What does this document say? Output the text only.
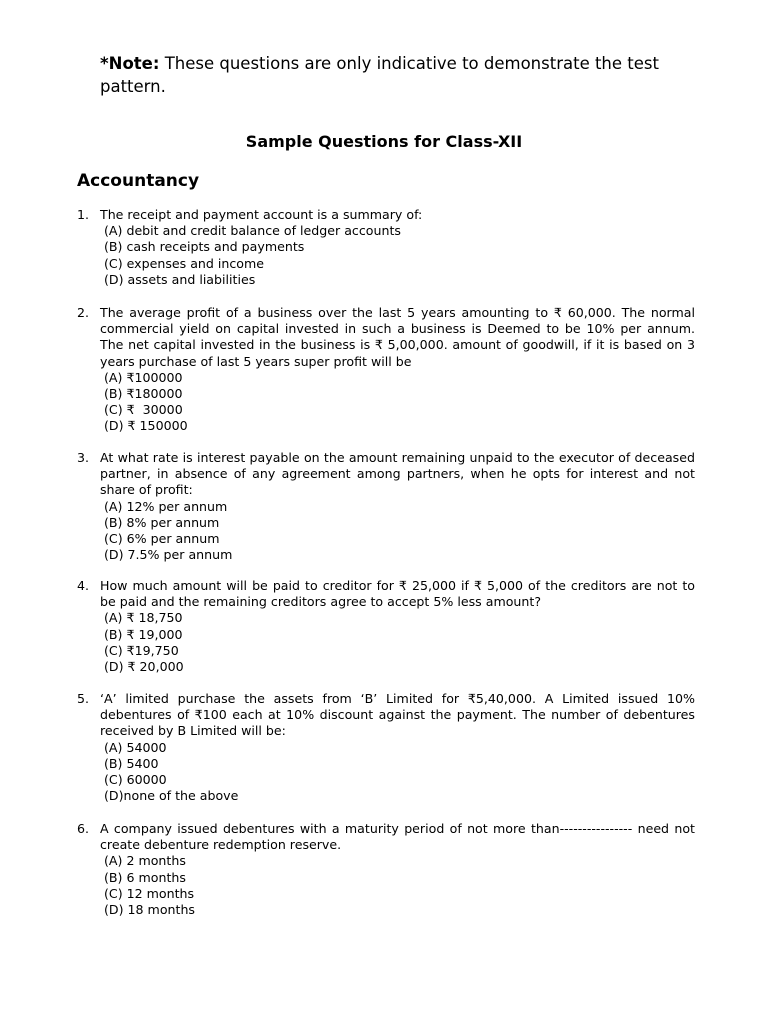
*Note: These questions are only indicative to demonstrate the test pattern.
Sample Questions for Class-XII
Accountancy
1. The receipt and payment account is a summary of:
(A) debit and credit balance of ledger accounts
(B) cash receipts and payments
(C) expenses and income
(D) assets and liabilities
2. The average profit of a business over the last 5 years amounting to ₹ 60,000. The normal commercial yield on capital invested in such a business is Deemed to be 10% per annum. The net capital invested in the business is ₹ 5,00,000. amount of goodwill, if it is based on 3 years purchase of last 5 years super profit will be
(A) ₹100000
(B) ₹180000
(C) ₹  30000
(D) ₹ 150000
3. At what rate is interest payable on the amount remaining unpaid to the executor of deceased partner, in absence of any agreement among partners, when he opts for interest and not share of profit:
(A) 12% per annum
(B) 8% per annum
(C) 6% per annum
(D) 7.5% per annum
4. How much amount will be paid to creditor for ₹ 25,000 if ₹ 5,000 of the creditors are not to be paid and the remaining creditors agree to accept 5% less amount?
(A) ₹ 18,750
(B) ₹ 19,000
(C) ₹19,750
(D) ₹ 20,000
5. ‘A’ limited purchase the assets from ‘B’ Limited for ₹5,40,000. A Limited issued 10% debentures of ₹100 each at 10% discount against the payment. The number of debentures received by B Limited will be:
(A) 54000
(B) 5400
(C) 60000
(D)none of the above
6. A company issued debentures with a maturity period of not more than---------------- need not create debenture redemption reserve.
(A) 2 months
(B) 6 months
(C) 12 months
(D) 18 months
